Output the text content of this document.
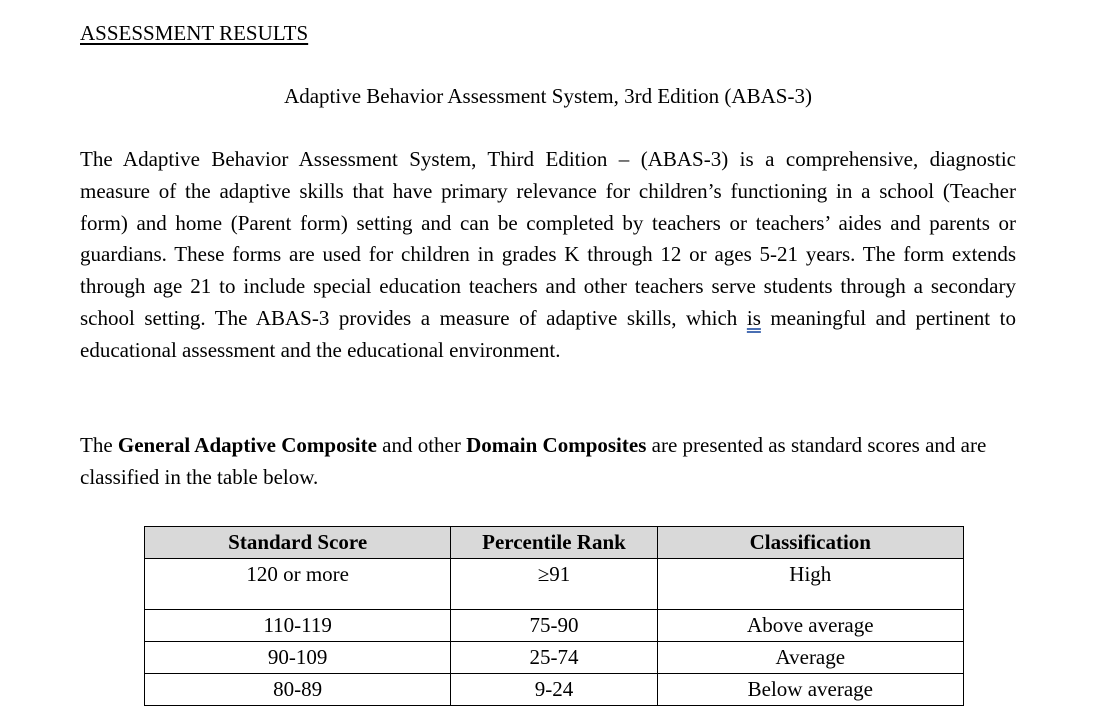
ASSESSMENT RESULTS
Adaptive Behavior Assessment System, 3rd Edition (ABAS-3)

The Adaptive Behavior Assessment System, Third Edition – (ABAS-3) is a comprehensive, diagnostic measure of the adaptive skills that have primary relevance for children’s functioning in a school (Teacher form) and home (Parent form) setting and can be completed by teachers or teachers’ aides and parents or guardians. These forms are used for children in grades K through 12 or ages 5-21 years. The form extends through age 21 to include special education teachers and other teachers serve students through a secondary school setting. The ABAS-3 provides a measure of adaptive skills, which is meaningful and pertinent to educational assessment and the educational environment.

The General Adaptive Composite and other Domain Composites are presented as standard scores and are classified in the table below.

Standard Score	Percentile Rank	Classification
120 or more	≥91	High
110-119	75-90	Above average
90-109	25-74	Average
80-89	9-24	Below average
